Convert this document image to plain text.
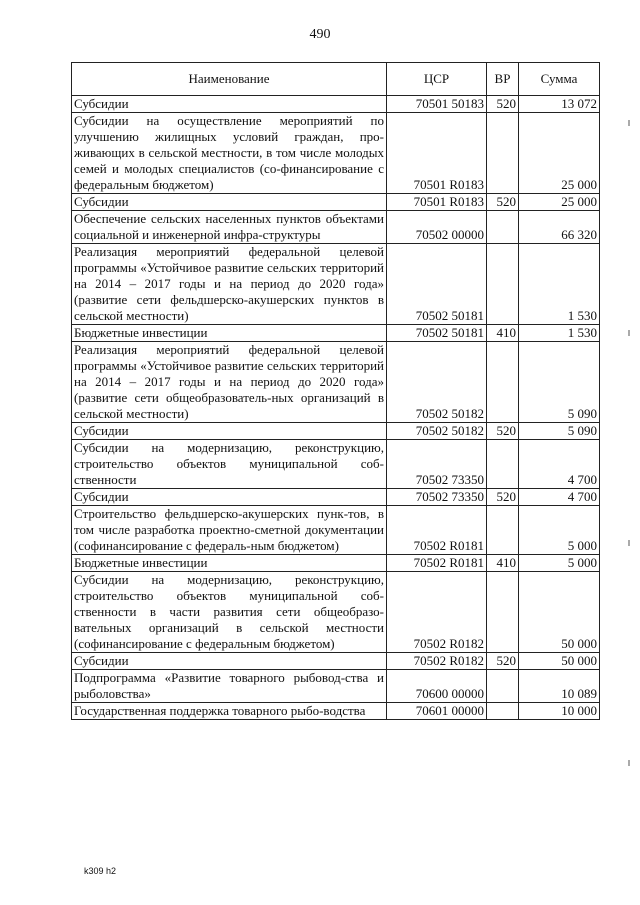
490
Наименование	ЦСР	ВР	Сумма
Субсидии	70501 50183	520	13 072
Субсидии на осуществление мероприятий по улучшению жилищных условий граждан, про-живающих в сельской местности, в том числе молодых семей и молодых специалистов (со-финансирование с федеральным бюджетом)	70501 R0183		25 000
Субсидии	70501 R0183	520	25 000
Обеспечение сельских населенных пунктов объектами социальной и инженерной инфра-структуры	70502 00000		66 320
Реализация мероприятий федеральной целевой программы «Устойчивое развитие сельских территорий на 2014 – 2017 годы и на период до 2020 года» (развитие сети фельдшерско-акушерских пунктов в сельской местности)	70502 50181		1 530
Бюджетные инвестиции	70502 50181	410	1 530
Реализация мероприятий федеральной целевой программы «Устойчивое развитие сельских территорий на 2014 – 2017 годы и на период до 2020 года» (развитие сети общеобразователь-ных организаций в сельской местности)	70502 50182		5 090
Субсидии	70502 50182	520	5 090
Субсидии на модернизацию, реконструкцию, строительство объектов муниципальной соб-ственности	70502 73350		4 700
Субсидии	70502 73350	520	4 700
Строительство фельдшерско-акушерских пунк-тов, в том числе разработка проектно-сметной документации (софинансирование с федераль-ным бюджетом)	70502 R0181		5 000
Бюджетные инвестиции	70502 R0181	410	5 000
Субсидии на модернизацию, реконструкцию, строительство объектов муниципальной соб-ственности в части развития сети общеобразо-вательных организаций в сельской местности (софинансирование с федеральным бюджетом)	70502 R0182		50 000
Субсидии	70502 R0182	520	50 000
Подпрограмма «Развитие товарного рыбовод-ства и рыболовства»	70600 00000		10 089
Государственная поддержка товарного рыбо-водства	70601 00000		10 000
k309 h2
